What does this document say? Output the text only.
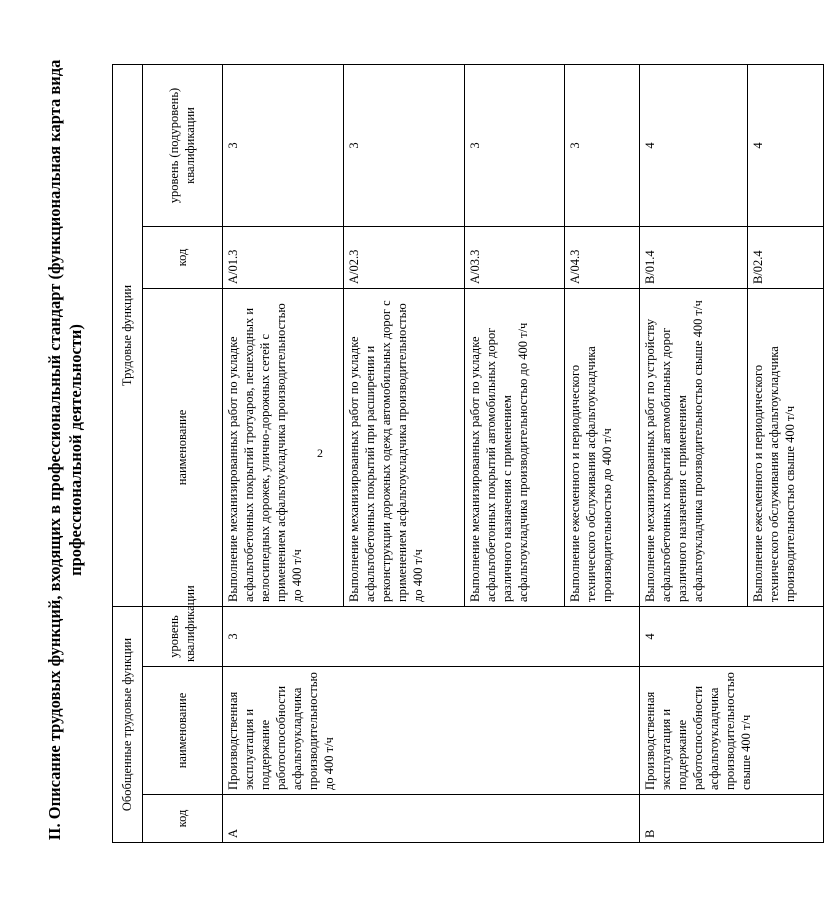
2
II. Описание трудовых функций, входящих в профессиональный стандарт (функциональная карта вида профессиональной деятельности)
Обобщенные трудовые функции			Трудовые функции		
код	наименование	уровень квалификации	наименование	код	уровень (подуровень) квалификации
А	Производственная эксплуатация и поддержание работоспособности асфальтоукладчика производительностью до 400 т/ч	3	Выполнение механизированных работ по укладке асфальтобетонных покрытий тротуаров, пешеходных и велосипедных дорожек, улично-дорожных сетей с применением асфальтоукладчика производительностью до 400 т/ч	A/01.3	3
			Выполнение механизированных работ по укладке асфальтобетонных покрытий при расширении и реконструкции дорожных одежд автомобильных дорог с применением асфальтоукладчика производительностью до 400 т/ч	A/02.3	3
			Выполнение механизированных работ по укладке асфальтобетонных покрытий автомобильных дорог различного назначения с применением асфальтоукладчика производительностью до 400 т/ч	A/03.3	3
			Выполнение ежесменного и периодического технического обслуживания асфальтоукладчика производительностью до 400 т/ч	A/04.3	3
В	Производственная эксплуатация и поддержание работоспособности асфальтоукладчика производительностью свыше 400 т/ч	4	Выполнение механизированных работ по устройству асфальтобетонных покрытий автомобильных дорог различного назначения с применением асфальтоукладчика производительностью свыше 400 т/ч	B/01.4	4
			Выполнение ежесменного и периодического технического обслуживания асфальтоукладчика производительностью свыше 400 т/ч	B/02.4	4
